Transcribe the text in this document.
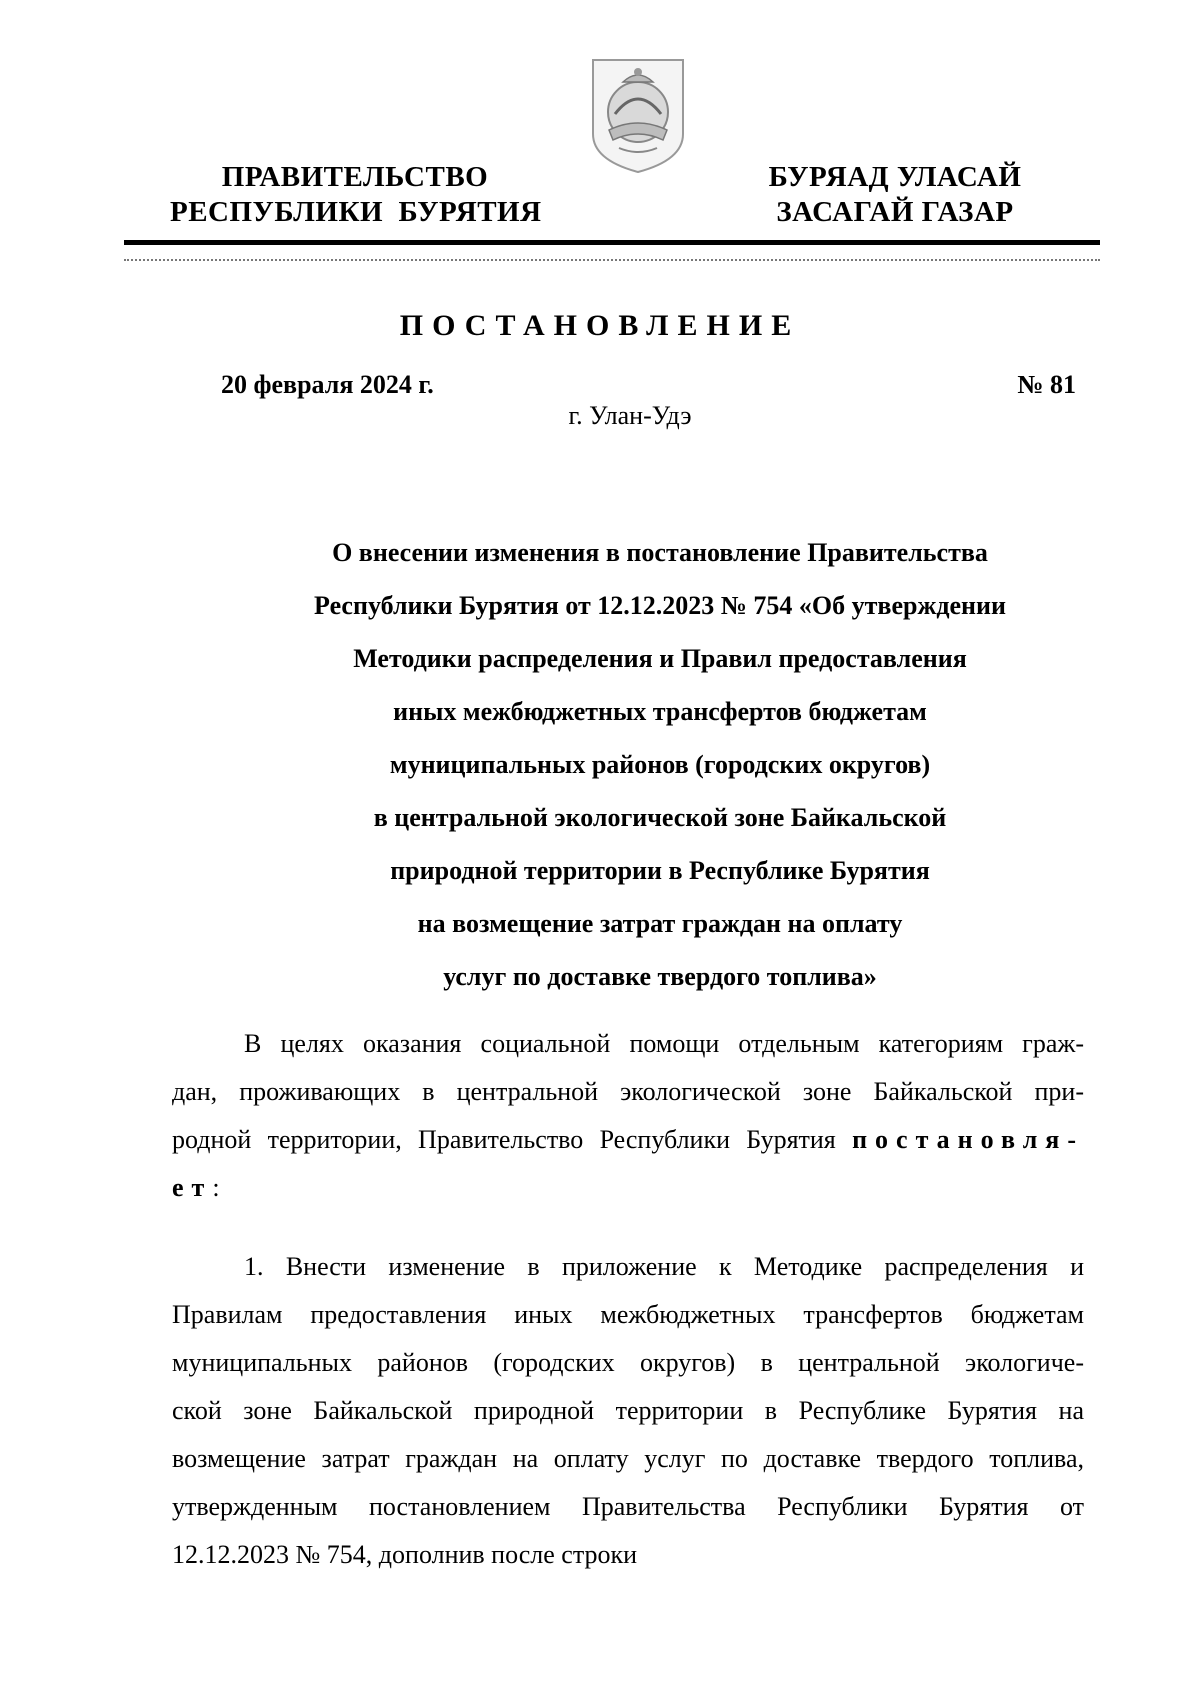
ПРАВИТЕЛЬСТВО
РЕСПУБЛИКИ  БУРЯТИЯ
БУРЯАД УЛАСАЙ
ЗАСАГАЙ ГАЗАР
ПОСТАНОВЛЕНИЕ
20 февраля 2024 г.	№ 81
г. Улан-Удэ
О внесении изменения в постановление Правительства
Республики Бурятия от 12.12.2023 № 754 «Об утверждении
Методики распределения и Правил предоставления
иных межбюджетных трансфертов бюджетам
муниципальных районов (городских округов)
в центральной экологической зоне Байкальской
природной территории в Республике Бурятия
на возмещение затрат граждан на оплату
услуг по доставке твердого топлива»
В целях оказания социальной помощи отдельным категориям граж-
дан, проживающих в центральной экологической зоне Байкальской при-
родной территории, Правительство Республики Бурятия постановля-
ет:
1. Внести изменение в приложение к Методике распределения и
Правилам предоставления иных межбюджетных трансфертов бюджетам
муниципальных районов (городских округов) в центральной экологиче-
ской зоне Байкальской природной территории в Республике Бурятия на
возмещение затрат граждан на оплату услуг по доставке твердого топлива,
утвержденным постановлением Правительства Республики Бурятия от
12.12.2023 № 754, дополнив после строки
